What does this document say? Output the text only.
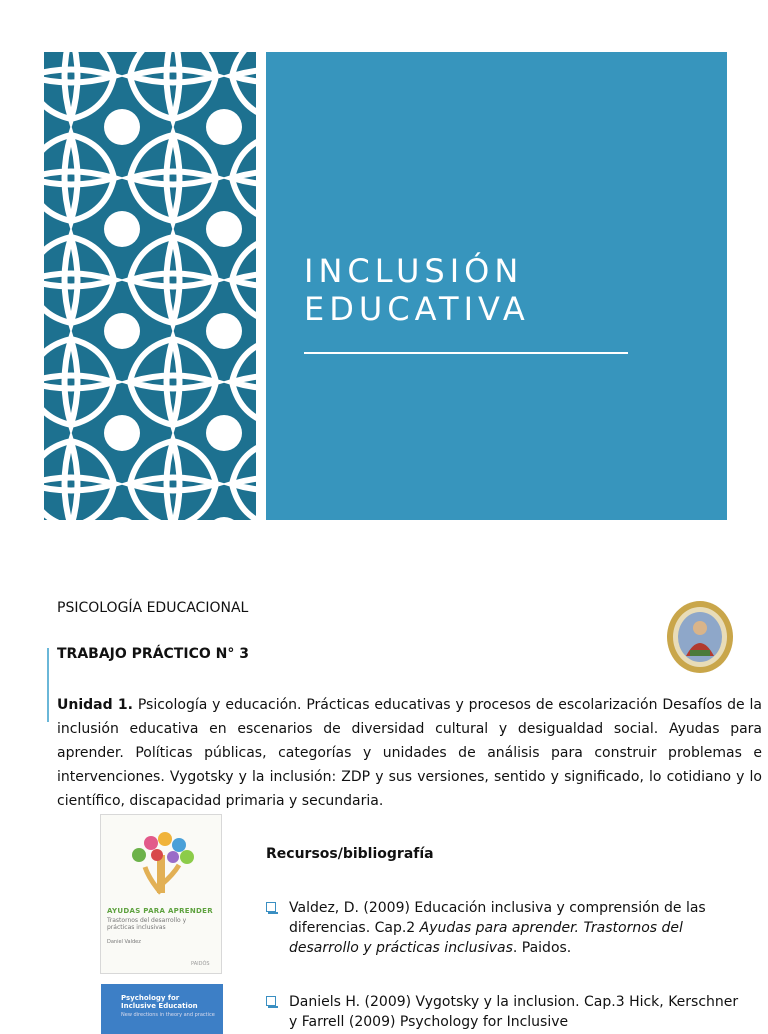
INCLUSIÓN
EDUCATIVA
PSICOLOGÍA EDUCACIONAL
TRABAJO PRÁCTICO N° 3

Unidad 1. Psicología y educación. Prácticas educativas y procesos de escolarización Desafíos de la inclusión educativa en escenarios de diversidad cultural y desigualdad social. Ayudas para aprender. Políticas públicas, categorías y unidades de análisis para construir problemas e intervenciones. Vygotsky y la inclusión: ZDP y sus versiones, sentido y significado, lo cotidiano y lo científico, discapacidad primaria y secundaria.

AYUDAS PARA APRENDER
Trastornos del desarrollo y prácticas inclusivas
Daniel Valdez
PAIDÓS
Psychology for
Inclusive Education
New directions in theory and practice
Recursos/bibliografía
Valdez, D. (2009) Educación inclusiva y comprensión de las diferencias. Cap.2 Ayudas para aprender. Trastornos del desarrollo y prácticas inclusivas. Paidos.
Daniels H. (2009) Vygotsky y la inclusion. Cap.3 Hick, Kerschner y Farrell (2009) Psychology for Inclusive
